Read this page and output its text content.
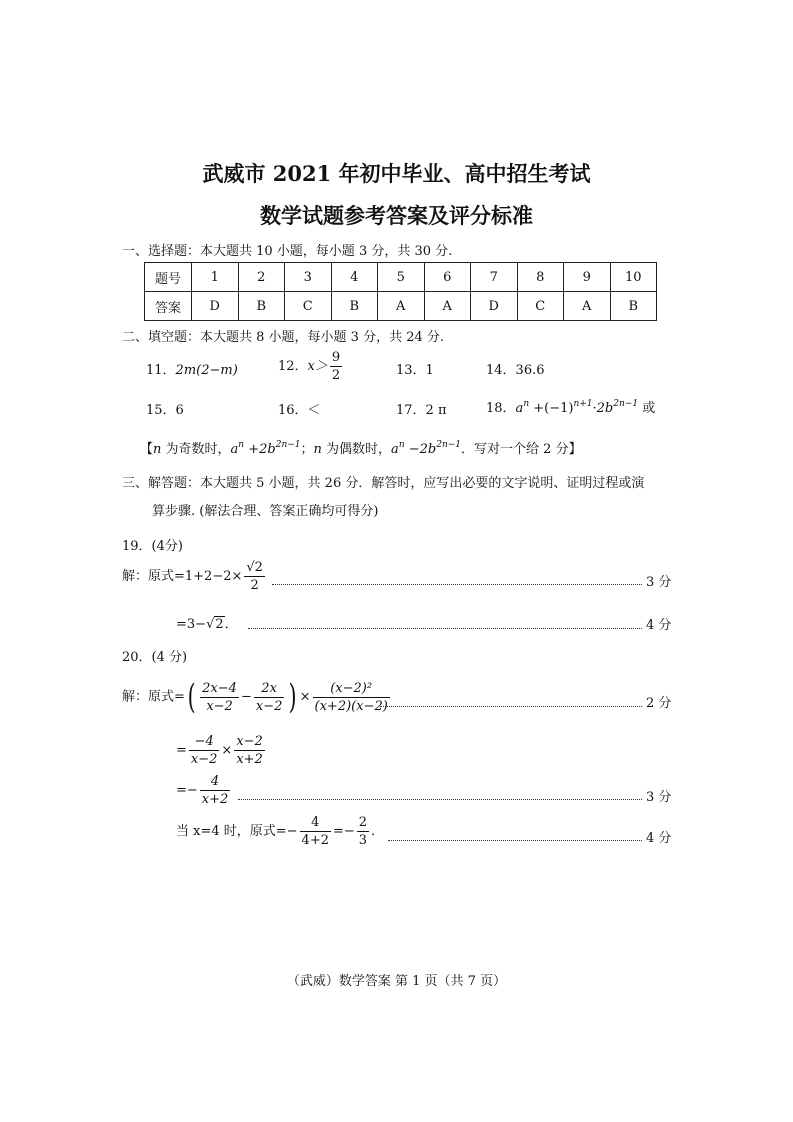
武威市 2021 年初中毕业、高中招生考试
数学试题参考答案及评分标准
一、选择题：本大题共 10 小题，每小题 3 分，共 30 分.
题号	1	2	3	4	5	6	7	8	9	10
答案	D	B	C	B	A	A	D	C	A	B
二、填空题：本大题共 8 小题，每小题 3 分，共 24 分.
11．2m(2−m)	12．$x> \frac{9}{2}$	13．1	14．36.6
15．6	16．＜	17．2 π	18．$a^n +(-1)^{n+1}\cdot 2b^{2n-1}$ 或
【n 为奇数时，$a^n +2b^{2n-1}$；n 为偶数时，$a^n -2b^{2n-1}$．写对一个给 2 分】
三、解答题：本大题共 5 小题，共 26 分．解答时，应写出必要的文字说明、证明过程或演
算步骤. (解法合理、答案正确均可得分)
19．(4分)
解：原式$=1+2-2\times \frac{√2}{2}$	3 分
=3−√2．	4 分
20．(4 分)
解：原式=( $\frac{2x-4}{x-2} - \frac{2x}{x-2}$ ) × $\frac{\text{(x−2)²}}{(x+2)(x-2)}$	2 分
= $\frac{-4}{x-2} \times \frac{x-2}{x+2}$
=− $\frac{4}{x+2}$	3 分
当 x=4 时，原式=− $\frac{4}{4+2} =- \frac{2}{3}$ ．	4 分
（武威）数学答案 第 1 页（共 7 页）
